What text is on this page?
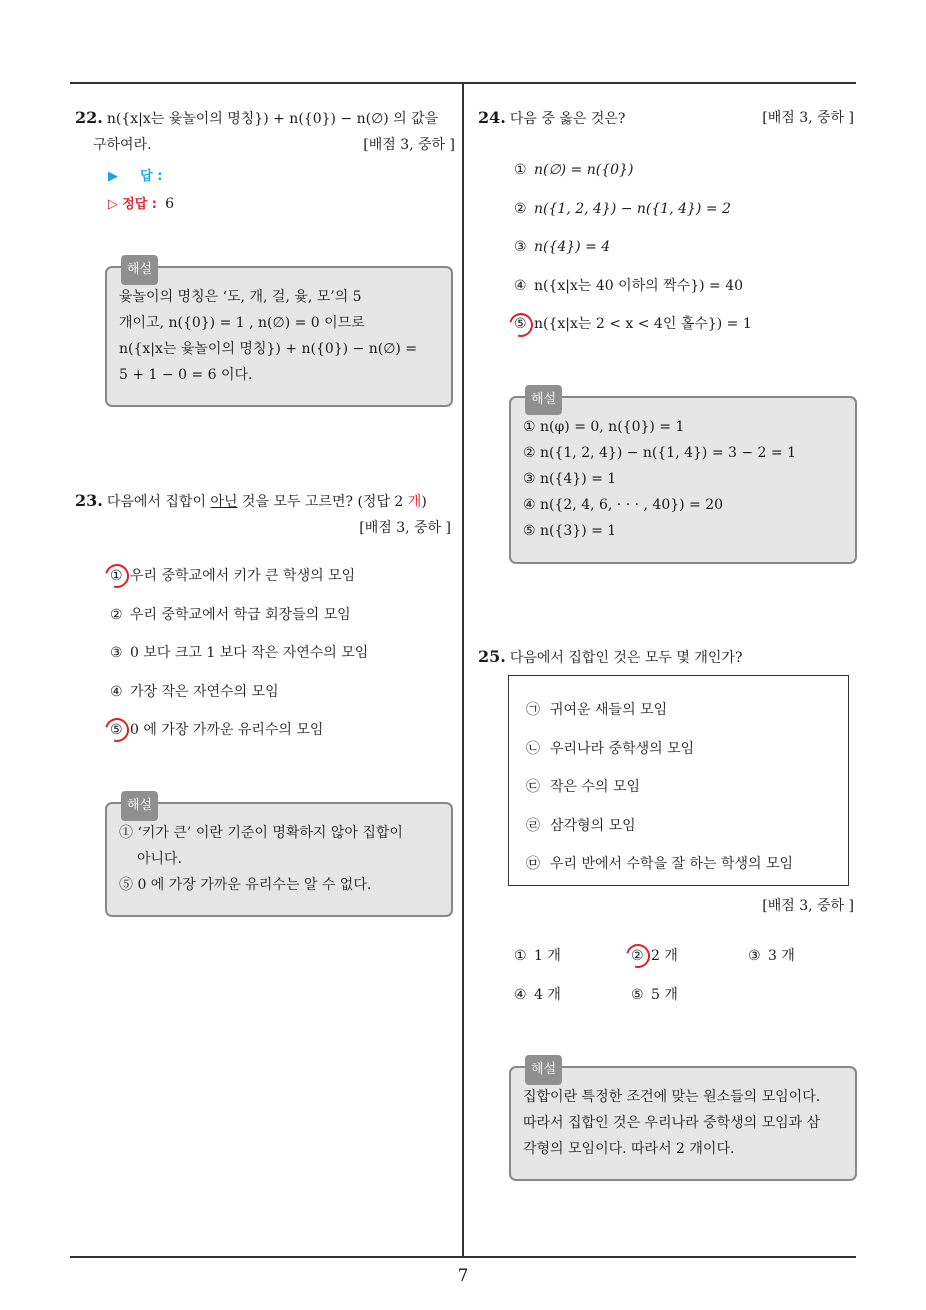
22. n({x|x는 윷놀이의 명칭}) + n({0}) − n(∅) 의 값을
구하여라.	[배점 3, 중하 ]
▶ 답 :
▷ 정답 : 6
해설
윷놀이의 명칭은 ‘도, 개, 걸, 윷, 모’의 5
개이고, n({0}) = 1 , n(∅) = 0 이므로
n({x|x는 윷놀이의 명칭}) + n({0}) − n(∅) =
5 + 1 − 0 = 6 이다.
23. 다음에서 집합이 아닌 것을 모두 고르면? (정답 2 개)
[배점 3, 중하 ]
① 우리 중학교에서 키가 큰 학생의 모임
② 우리 중학교에서 학급 회장들의 모임
③ 0 보다 크고 1 보다 작은 자연수의 모임
④ 가장 작은 자연수의 모임
⑤ 0 에 가장 가까운 유리수의 모임
해설
① ‘키가 큰’ 이란 기준이 명확하지 않아 집합이
아니다.
⑤ 0 에 가장 가까운 유리수는 알 수 없다.
24. 다음 중 옳은 것은?	[배점 3, 중하 ]
① n(∅) = n({0})
② n({1, 2, 4}) − n({1, 4}) = 2
③ n({4}) = 4
④ n({x|x는 40 이하의 짝수}) = 40
⑤ n({x|x는 2 < x < 4인 홀수}) = 1
해설
① n(φ) = 0, n({0}) = 1
② n({1, 2, 4}) − n({1, 4}) = 3 − 2 = 1
③ n({4}) = 1
④ n({2, 4, 6, · · · , 40}) = 20
⑤ n({3}) = 1
25. 다음에서 집합인 것은 모두 몇 개인가?
㉠ 귀여운 새들의 모임
㉡ 우리나라 중학생의 모임
㉢ 작은 수의 모임
㉣ 삼각형의 모임
㉤ 우리 반에서 수학을 잘 하는 학생의 모임
[배점 3, 중하 ]
① 1 개	② 2 개	③ 3 개
④ 4 개	⑤ 5 개
해설
집합이란 특정한 조건에 맞는 원소들의 모임이다.
따라서 집합인 것은 우리나라 중학생의 모임과 삼
각형의 모임이다. 따라서 2 개이다.
7
